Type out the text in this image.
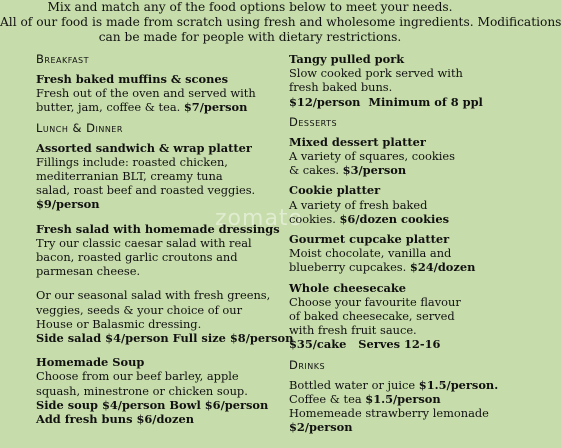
Mix and match any of the food options below to meet your needs.
All of our food is made from scratch using fresh and wholesome ingredients. Modifications
can be made for people with dietary restrictions.
zomato
Breakfast
Fresh baked muffins & scones
Fresh out of the oven and served with
butter, jam, coffee & tea. $7/person
Lunch & Dinner
Assorted sandwich & wrap platter
Fillings include: roasted chicken,
mediterranian BLT, creamy tuna
salad, roast beef and roasted veggies.
$9/person
Fresh salad with homemade dressings
Try our classic caesar salad with real
bacon, roasted garlic croutons and
parmesan cheese.
Or our seasonal salad with fresh greens,
veggies, seeds & your choice of our
House or Balasmic dressing.
Side salad $4/person Full size $8/person
Homemade Soup
Choose from our beef barley, apple
squash, minestrone or chicken soup.
Side soup $4/person Bowl $6/person
Add fresh buns $6/dozen
Tangy pulled pork
Slow cooked pork served with
fresh baked buns.
$12/person  Minimum of 8 ppl
Desserts
Mixed dessert platter
A variety of squares, cookies
& cakes. $3/person
Cookie platter
A variety of fresh baked
cookies. $6/dozen cookies
Gourmet cupcake platter
Moist chocolate, vanilla and
blueberry cupcakes. $24/dozen
Whole cheesecake
Choose your favourite flavour
of baked cheesecake, served
with fresh fruit sauce.
$35/cake   Serves 12-16
Drinks
Bottled water or juice $1.5/person.
Coffee & tea $1.5/person
Homemeade strawberry lemonade
$2/person
